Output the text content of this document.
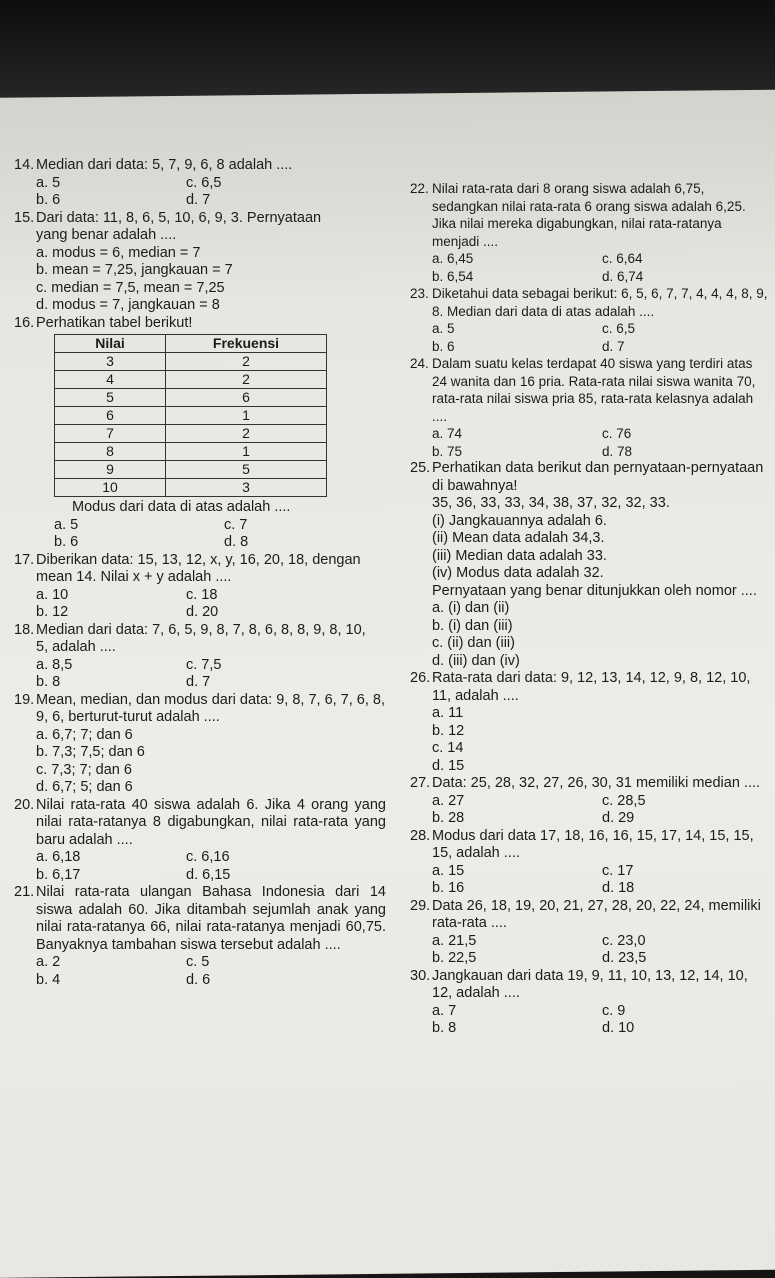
14. Median dari data: 5, 7, 9, 6, 8 adalah ....
a. 5	c. 6,5
b. 6	d. 7
15. Dari data: 11, 8, 6, 5, 10, 6, 9, 3. Pernyataan yang benar adalah ....
a. modus = 6, median = 7
b. mean = 7,25, jangkauan = 7
c. median = 7,5, mean = 7,25
d. modus = 7, jangkauan = 8
16. Perhatikan tabel berikut!
Nilai	Frekuensi
3	2
4	2
5	6
6	1
7	2
8	1
9	5
10	3
Modus dari data di atas adalah ....
a. 5	c. 7
b. 6	d. 8
17. Diberikan data: 15, 13, 12, x, y, 16, 20, 18, dengan mean 14. Nilai x + y adalah ....
a. 10	c. 18
b. 12	d. 20
18. Median dari data: 7, 6, 5, 9, 8, 7, 8, 6, 8, 8, 9, 8, 10, 5, adalah ....
a. 8,5	c. 7,5
b. 8	d. 7
19. Mean, median, dan modus dari data: 9, 8, 7, 6, 7, 6, 8, 9, 6, berturut-turut adalah ....
a. 6,7; 7; dan 6
b. 7,3; 7,5; dan 6
c. 7,3; 7; dan 6
d. 6,7; 5; dan 6
20. Nilai rata-rata 40 siswa adalah 6. Jika 4 orang yang nilai rata-ratanya 8 digabungkan, nilai rata-rata yang baru adalah ....
a. 6,18	c. 6,16
b. 6,17	d. 6,15
21. Nilai rata-rata ulangan Bahasa Indonesia dari 14 siswa adalah 60. Jika ditambah sejumlah anak yang nilai rata-ratanya 66, nilai rata-ratanya menjadi 60,75. Banyaknya tambahan siswa tersebut adalah ....
a. 2	c. 5
b. 4	d. 6
22. Nilai rata-rata dari 8 orang siswa adalah 6,75, sedangkan nilai rata-rata 6 orang siswa adalah 6,25. Jika nilai mereka digabungkan, nilai rata-ratanya menjadi ....
a. 6,45	c. 6,64
b. 6,54	d. 6,74
23. Diketahui data sebagai berikut: 6, 5, 6, 7, 7, 4, 4, 4, 8, 9, 8. Median dari data di atas adalah ....
a. 5	c. 6,5
b. 6	d. 7
24. Dalam suatu kelas terdapat 40 siswa yang terdiri atas 24 wanita dan 16 pria. Rata-rata nilai siswa wanita 70, rata-rata nilai siswa pria 85, rata-rata kelasnya adalah ....
a. 74	c. 76
b. 75	d. 78
25. Perhatikan data berikut dan pernyataan-pernyataan di bawahnya!
35, 36, 33, 33, 34, 38, 37, 32, 32, 33.
(i) Jangkauannya adalah 6.
(ii) Mean data adalah 34,3.
(iii) Median data adalah 33.
(iv) Modus data adalah 32.
Pernyataan yang benar ditunjukkan oleh nomor ....
a. (i) dan (ii)
b. (i) dan (iii)
c. (ii) dan (iii)
d. (iii) dan (iv)
26. Rata-rata dari data: 9, 12, 13, 14, 12, 9, 8, 12, 10, 11, adalah ....
a. 11
b. 12
c. 14
d. 15
27. Data: 25, 28, 32, 27, 26, 30, 31 memiliki median ....
a. 27	c. 28,5
b. 28	d. 29
28. Modus dari data 17, 18, 16, 16, 15, 17, 14, 15, 15, 15, adalah ....
a. 15	c. 17
b. 16	d. 18
29. Data 26, 18, 19, 20, 21, 27, 28, 20, 22, 24, memiliki rata-rata ....
a. 21,5	c. 23,0
b. 22,5	d. 23,5
30. Jangkauan dari data 19, 9, 11, 10, 13, 12, 14, 10, 12, adalah ....
a. 7	c. 9
b. 8	d. 10
